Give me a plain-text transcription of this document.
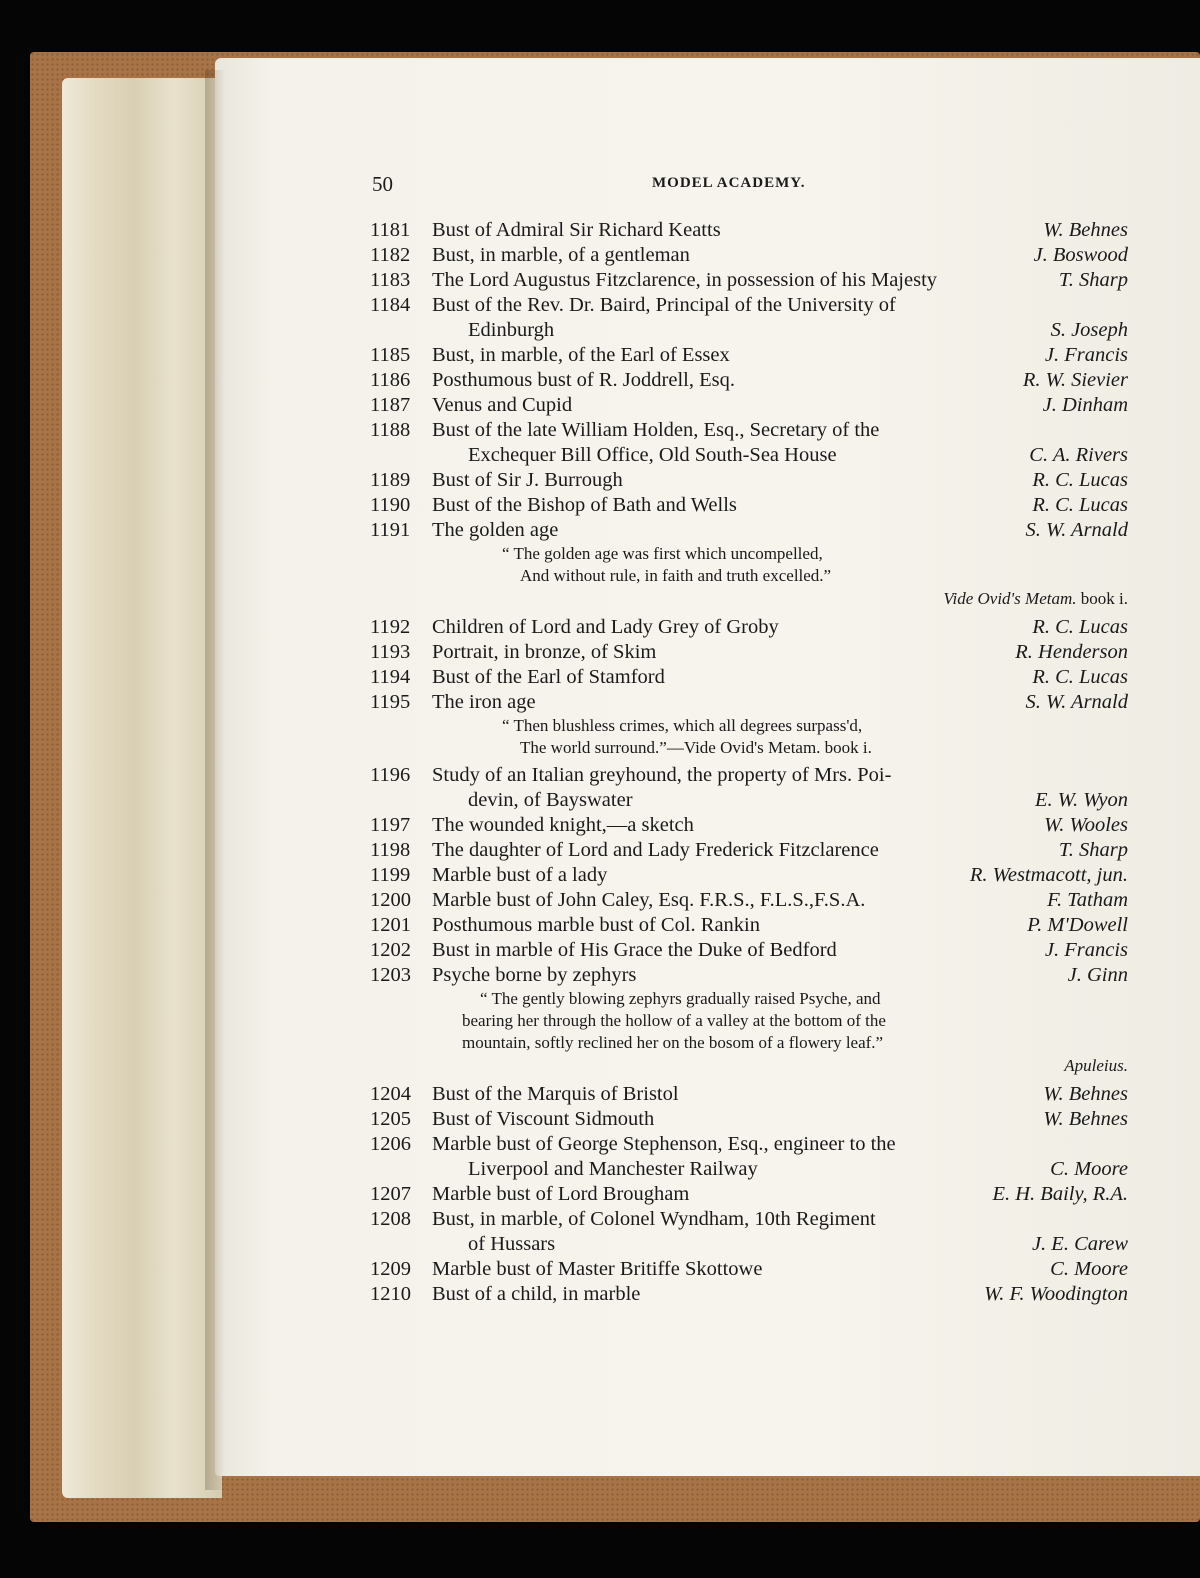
50	MODEL ACADEMY.
1181 Bust of Admiral Sir Richard Keatts	W. Behnes
1182 Bust, in marble, of a gentleman	J. Boswood
1183 The Lord Augustus Fitzclarence, in possession of his Majesty	T. Sharp
1184 Bust of the Rev. Dr. Baird, Principal of the University of
Edinburgh	S. Joseph
1185 Bust, in marble, of the Earl of Essex	J. Francis
1186 Posthumous bust of R. Joddrell, Esq.	R. W. Sievier
1187 Venus and Cupid	J. Dinham
1188 Bust of the late William Holden, Esq., Secretary of the
Exchequer Bill Office, Old South-Sea House	C. A. Rivers
1189 Bust of Sir J. Burrough	R. C. Lucas
1190 Bust of the Bishop of Bath and Wells	R. C. Lucas
1191 The golden age	S. W. Arnald
“ The golden age was first which uncompelled,
And without rule, in faith and truth excelled.”
Vide Ovid's Metam. book i.
1192 Children of Lord and Lady Grey of Groby	R. C. Lucas
1193 Portrait, in bronze, of Skim	R. Henderson
1194 Bust of the Earl of Stamford	R. C. Lucas
1195 The iron age	S. W. Arnald
“ Then blushless crimes, which all degrees surpass'd,
The world surround.”—Vide Ovid's Metam. book i.
1196 Study of an Italian greyhound, the property of Mrs. Poi-
devin, of Bayswater	E. W. Wyon
1197 The wounded knight,—a sketch	W. Wooles
1198 The daughter of Lord and Lady Frederick Fitzclarence	T. Sharp
1199 Marble bust of a lady	R. Westmacott, jun.
1200 Marble bust of John Caley, Esq. F.R.S., F.L.S.,F.S.A.	F. Tatham
1201 Posthumous marble bust of Col. Rankin	P. M'Dowell
1202 Bust in marble of His Grace the Duke of Bedford	J. Francis
1203 Psyche borne by zephyrs	J. Ginn
“ The gently blowing zephyrs gradually raised Psyche, and
bearing her through the hollow of a valley at the bottom of the
mountain, softly reclined her on the bosom of a flowery leaf.”
Apuleius.
1204 Bust of the Marquis of Bristol	W. Behnes
1205 Bust of Viscount Sidmouth	W. Behnes
1206 Marble bust of George Stephenson, Esq., engineer to the
Liverpool and Manchester Railway	C. Moore
1207 Marble bust of Lord Brougham	E. H. Baily, R.A.
1208 Bust, in marble, of Colonel Wyndham, 10th Regiment
of Hussars	J. E. Carew
1209 Marble bust of Master Britiffe Skottowe	C. Moore
1210 Bust of a child, in marble	W. F. Woodington
